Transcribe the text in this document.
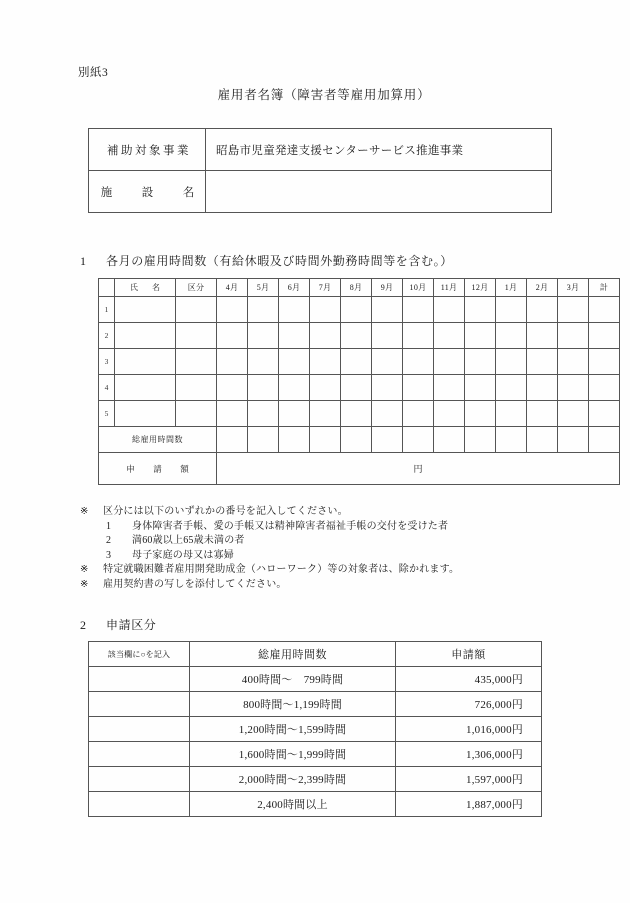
別紙3
雇用者名簿（障害者等雇用加算用）
補助対象事業	昭島市児童発達支援センターサービス推進事業
施　設　名	
1 各月の雇用時間数（有給休暇及び時間外勤務時間等を含む。）
	氏　名	区分	4月	5月	6月	7月	8月	9月	10月	11月	12月	1月	2月	3月	計
1															
2															
3															
4															
5															
総雇用時間数															
申　請　額			円												
※ 区分には以下のいずれかの番号を記入してください。
1 身体障害者手帳、愛の手帳又は精神障害者福祉手帳の交付を受けた者
2 満60歳以上65歳未満の者
3 母子家庭の母又は寡婦
※ 特定就職困難者雇用開発助成金（ハローワーク）等の対象者は、除かれます。
※ 雇用契約書の写しを添付してください。
2 申請区分
該当欄に○を記入	総雇用時間数	申請額
	400時間～　799時間	435,000円
	800時間～1,199時間	726,000円
	1,200時間～1,599時間	1,016,000円
	1,600時間～1,999時間	1,306,000円
	2,000時間～2,399時間	1,597,000円
	2,400時間以上	1,887,000円
